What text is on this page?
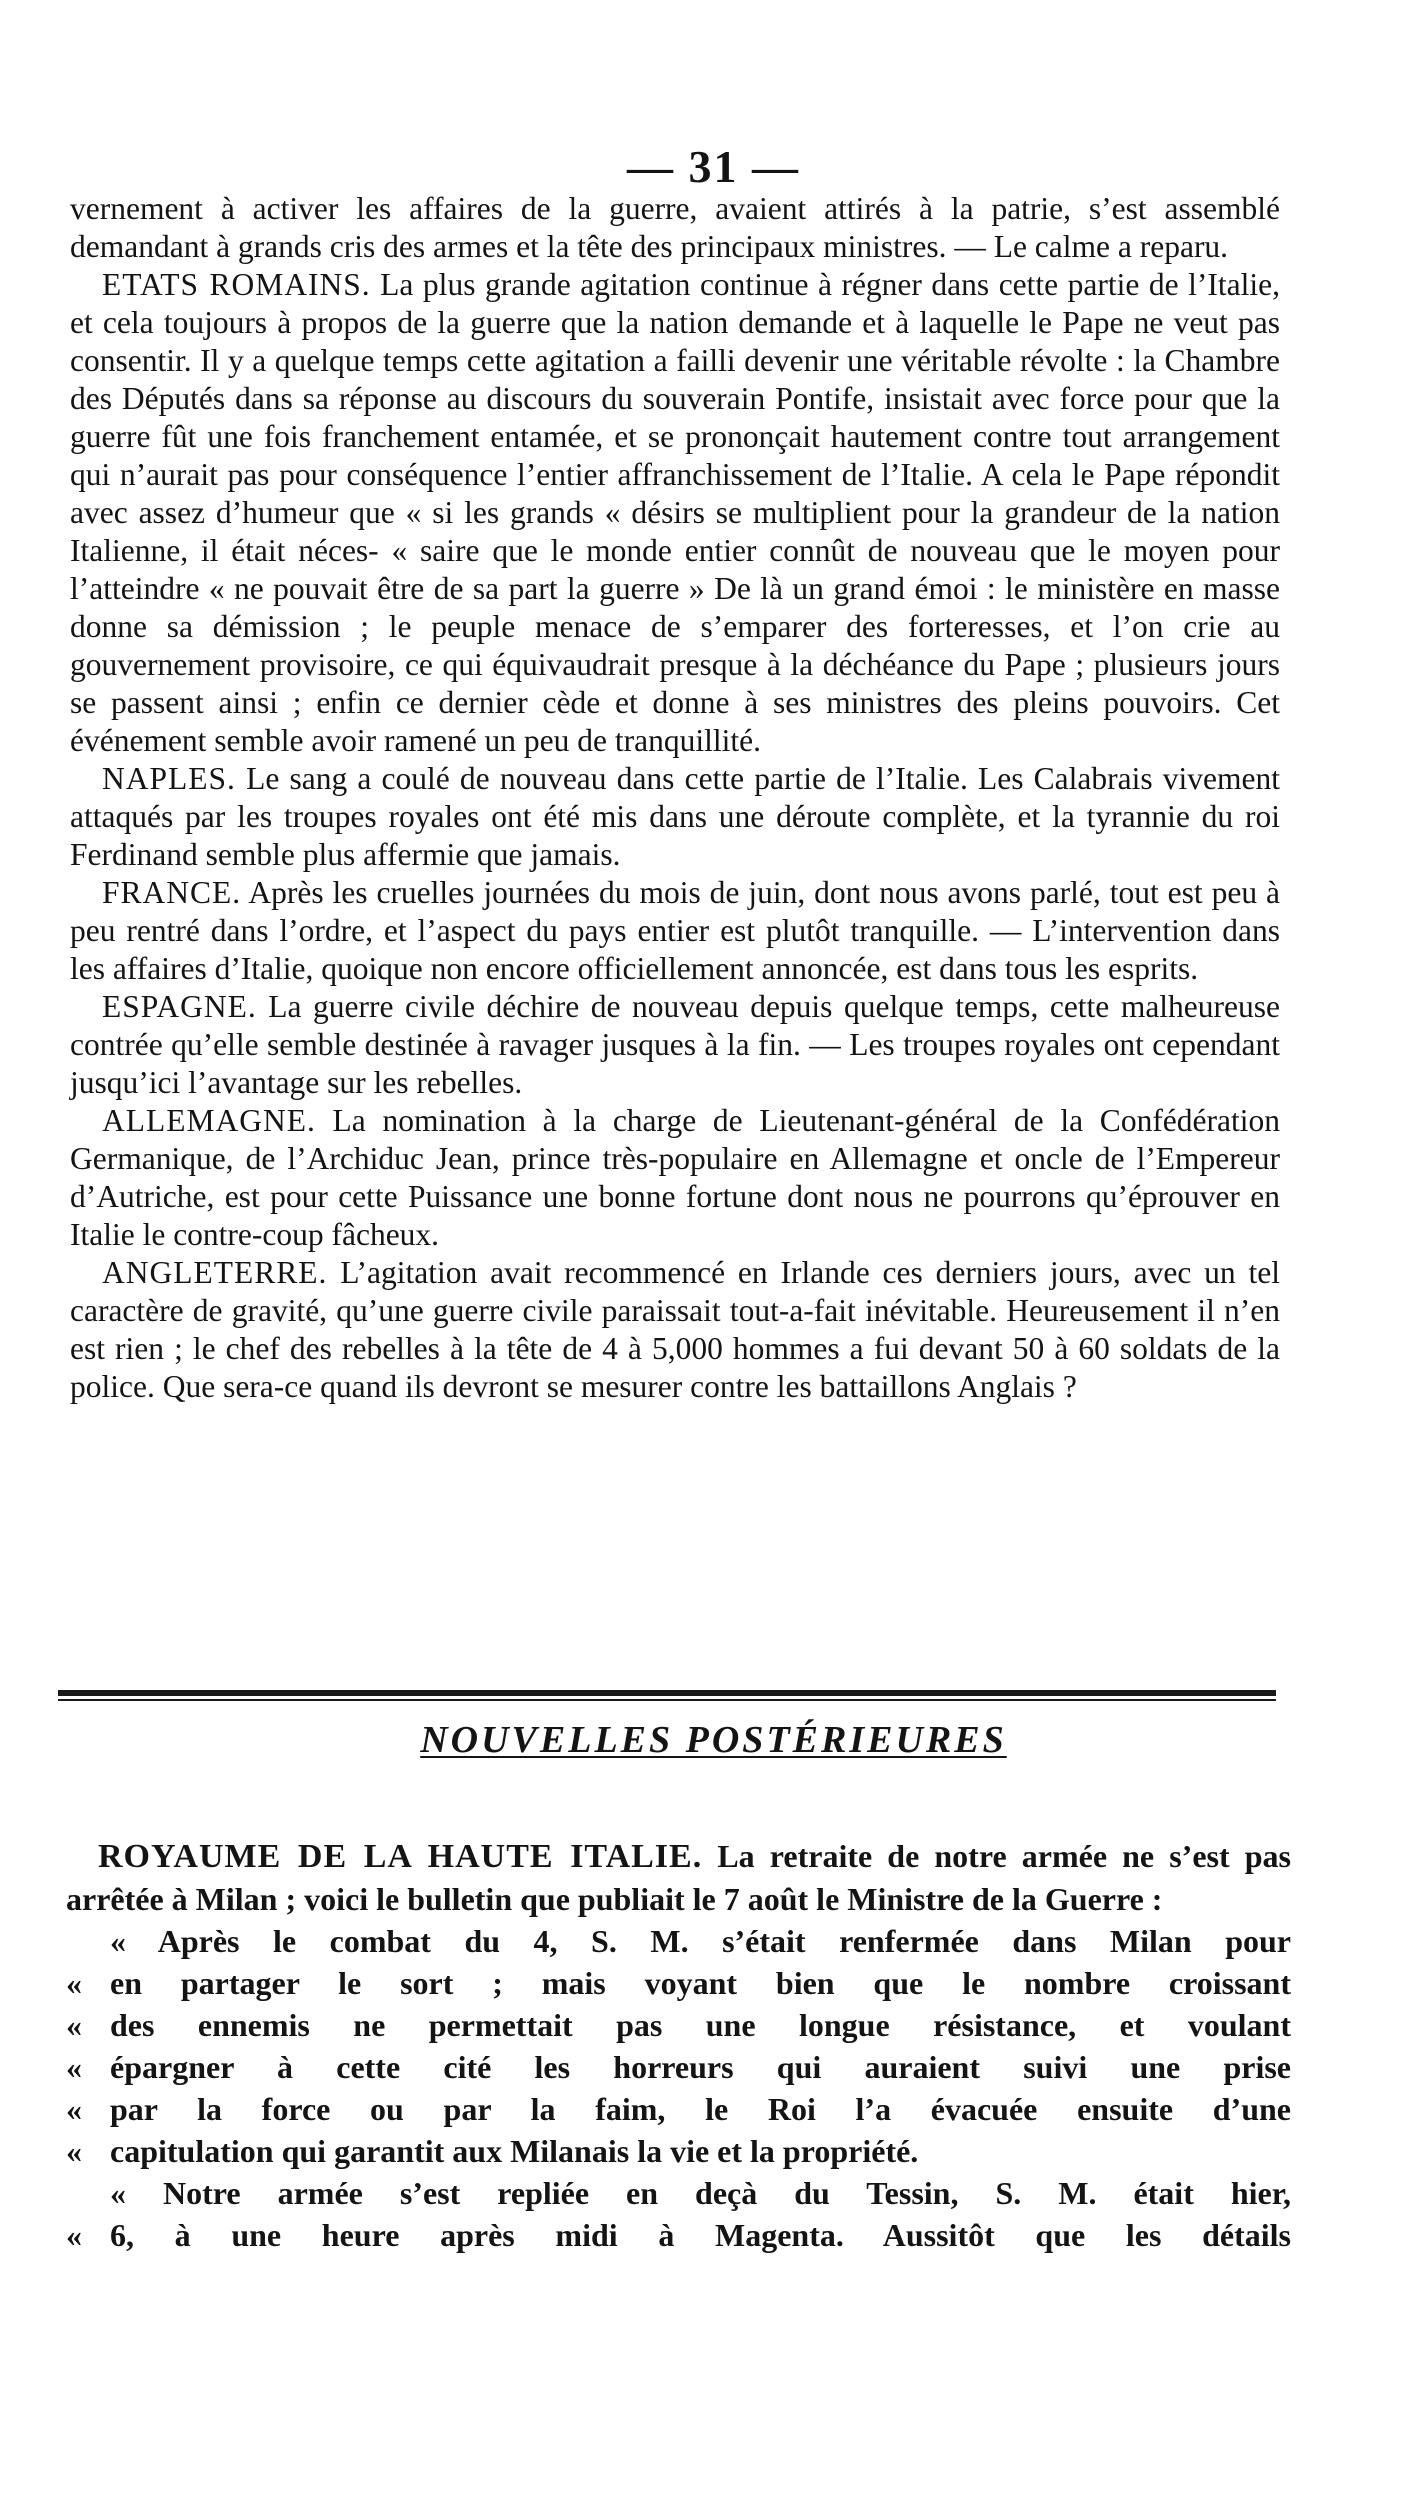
— 31 —

vernement à activer les affaires de la guerre, avaient attirés à la patrie, s’est assemblé demandant à grands cris des armes et la tête des principaux ministres. — Le calme a reparu.

ETATS ROMAINS. La plus grande agitation continue à régner dans cette partie de l’Italie, et cela toujours à propos de la guerre que la nation demande et à laquelle le Pape ne veut pas consentir. Il y a quelque temps cette agitation a failli devenir une véritable révolte : la Chambre des Députés dans sa réponse au discours du souverain Pontife, insistait avec force pour que la guerre fût une fois franchement entamée, et se prononçait hautement contre tout arrangement qui n’aurait pas pour conséquence l’entier affranchissement de l’Italie. A cela le Pape répondit avec assez d’humeur que « si les grands « désirs se multiplient pour la grandeur de la nation Italienne, il était néces- « saire que le monde entier connût de nouveau que le moyen pour l’atteindre « ne pouvait être de sa part la guerre » De là un grand émoi : le ministère en masse donne sa démission ; le peuple menace de s’emparer des forteresses, et l’on crie au gouvernement provisoire, ce qui équivaudrait presque à la déchéance du Pape ; plusieurs jours se passent ainsi ; enfin ce dernier cède et donne à ses ministres des pleins pouvoirs. Cet événement semble avoir ramené un peu de tranquillité.

NAPLES. Le sang a coulé de nouveau dans cette partie de l’Italie. Les Calabrais vivement attaqués par les troupes royales ont été mis dans une déroute complète, et la tyrannie du roi Ferdinand semble plus affermie que jamais.

FRANCE. Après les cruelles journées du mois de juin, dont nous avons parlé, tout est peu à peu rentré dans l’ordre, et l’aspect du pays entier est plutôt tranquille. — L’intervention dans les affaires d’Italie, quoique non encore officiellement annoncée, est dans tous les esprits.

ESPAGNE. La guerre civile déchire de nouveau depuis quelque temps, cette malheureuse contrée qu’elle semble destinée à ravager jusques à la fin. — Les troupes royales ont cependant jusqu’ici l’avantage sur les rebelles.

ALLEMAGNE. La nomination à la charge de Lieutenant-général de la Confédération Germanique, de l’Archiduc Jean, prince très-populaire en Allemagne et oncle de l’Empereur d’Autriche, est pour cette Puissance une bonne fortune dont nous ne pourrons qu’éprouver en Italie le contre-coup fâcheux.

ANGLETERRE. L’agitation avait recommencé en Irlande ces derniers jours, avec un tel caractère de gravité, qu’une guerre civile paraissait tout-a-fait inévitable. Heureusement il n’en est rien ; le chef des rebelles à la tête de 4 à 5,000 hommes a fui devant 50 à 60 soldats de la police. Que sera-ce quand ils devront se mesurer contre les battaillons Anglais ?

NOUVELLES POSTÉRIEURES

ROYAUME DE LA HAUTE ITALIE. La retraite de notre armée ne s’est pas arrêtée à Milan ; voici le bulletin que publiait le 7 août le Ministre de la Guerre :

« Après le combat du 4, S. M. s’était renfermée dans Milan pour

« en partager le sort ; mais voyant bien que le nombre croissant

« des ennemis ne permettait pas une longue résistance, et voulant

« épargner à cette cité les horreurs qui auraient suivi une prise

« par la force ou par la faim, le Roi l’a évacuée ensuite d’une

« capitulation qui garantit aux Milanais la vie et la propriété.

« Notre armée s’est repliée en deçà du Tessin, S. M. était hier,

« 6, à une heure après midi à Magenta. Aussitôt que les détails
